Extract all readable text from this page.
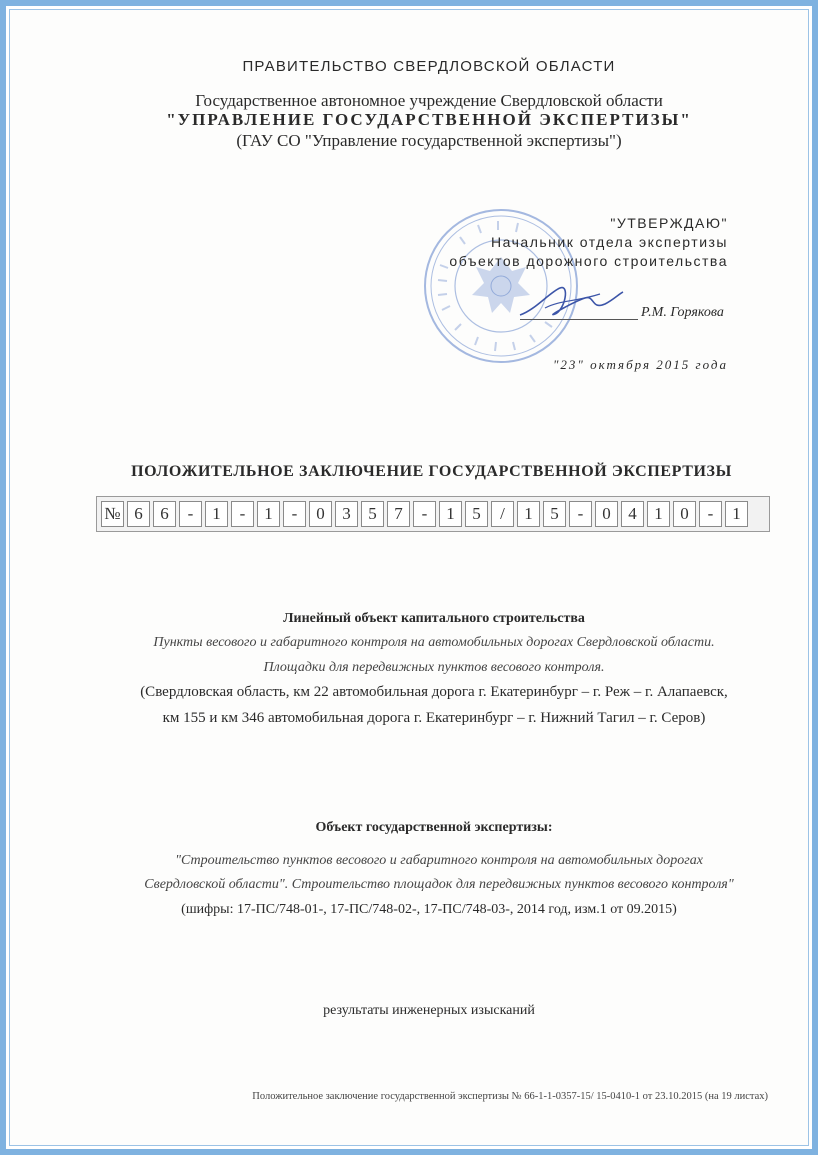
ПРАВИТЕЛЬСТВО СВЕРДЛОВСКОЙ ОБЛАСТИ
Государственное автономное учреждение Свердловской области
"УПРАВЛЕНИЕ ГОСУДАРСТВЕННОЙ ЭКСПЕРТИЗЫ"
(ГАУ СО "Управление государственной экспертизы")
"УТВЕРЖДАЮ"
Начальник отдела экспертизы
объектов дорожного строительства
Р.М. Горякова
"23" октября 2015 года
ПОЛОЖИТЕЛЬНОЕ ЗАКЛЮЧЕНИЕ ГОСУДАРСТВЕННОЙ ЭКСПЕРТИЗЫ
№ 6	6	-	1	-	1	-	0	3	5	7	-	1	5	/	1	5	-	0	4	1	0	-	1
Линейный объект капитального строительства
Пункты весового и габаритного контроля на автомобильных дорогах Свердловской области.
Площадки для передвижных пунктов весового контроля.
(Свердловская область, км 22 автомобильная дорога г. Екатеринбург – г. Реж – г. Алапаевск,
км 155 и км 346 автомобильная дорога г. Екатеринбург – г. Нижний Тагил – г. Серов)
Объект государственной экспертизы:
"Строительство пунктов весового и габаритного контроля на автомобильных дорогах
Свердловской области". Строительство площадок для передвижных пунктов весового контроля"
(шифры: 17-ПС/748-01-, 17-ПС/748-02-, 17-ПС/748-03-, 2014 год, изм.1 от 09.2015)
результаты инженерных изысканий
Положительное заключение государственной экспертизы № 66-1-1-0357-15/ 15-0410-1 от 23.10.2015 (на 19 листах)
